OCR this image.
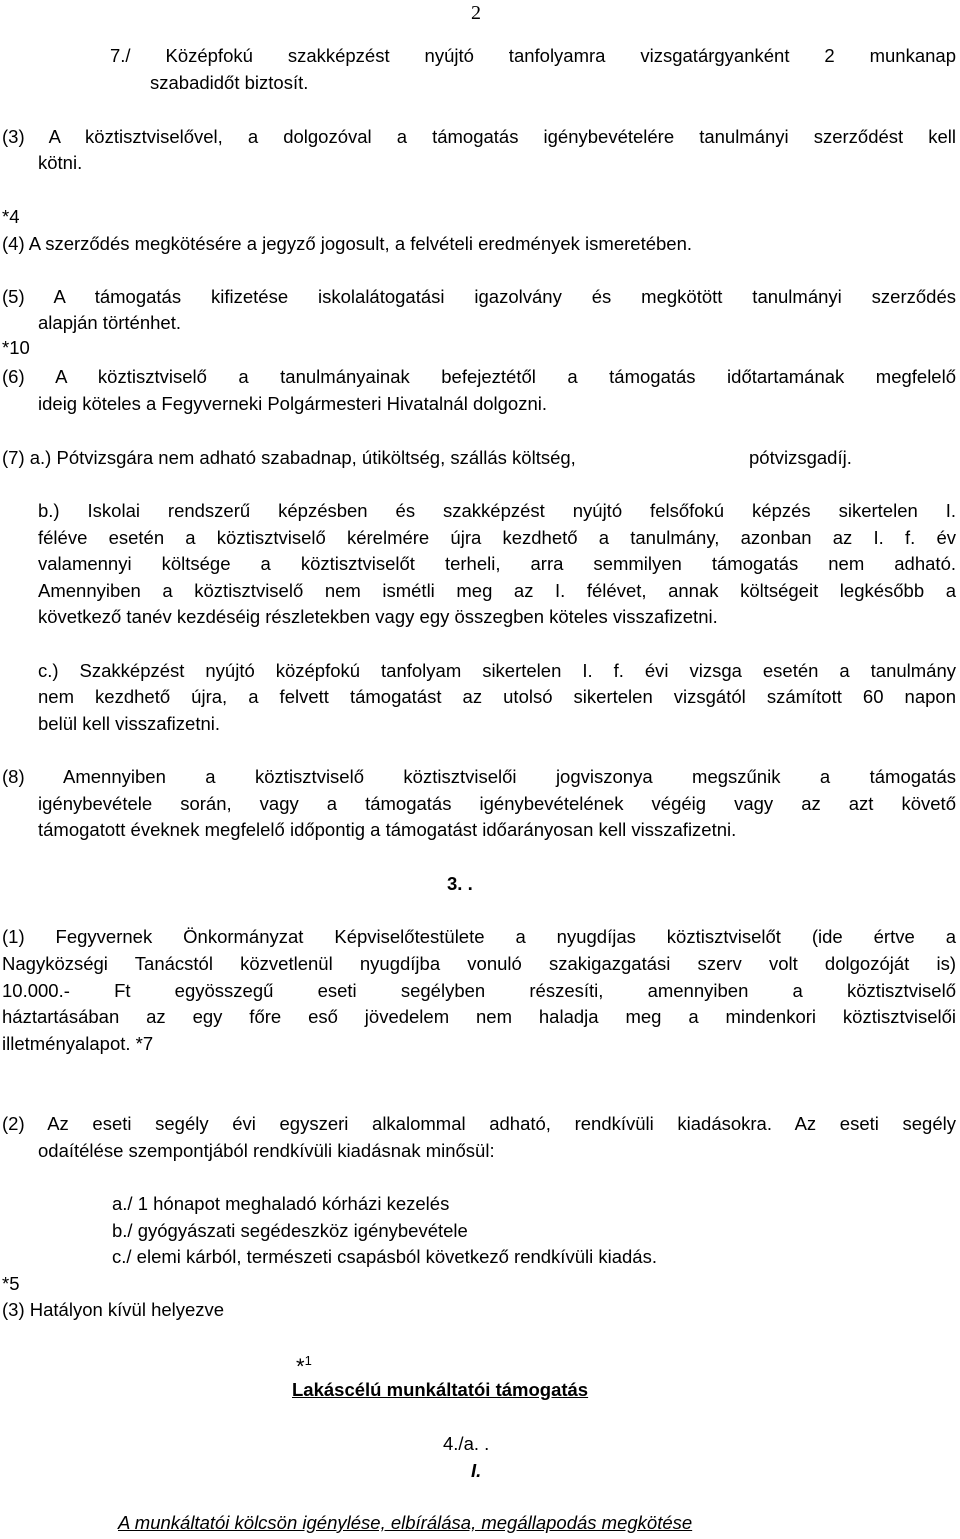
2
7./ Középfokú szakképzést nyújtó tanfolyamra vizsgatárgyanként 2 munkanap
szabadidőt biztosít.
(3) A köztisztviselővel, a dolgozóval a támogatás igénybevételére tanulmányi szerződést kell
kötni.
*4
(4) A szerződés megkötésére a jegyző jogosult, a felvételi eredmények ismeretében.
(5) A támogatás kifizetése iskolalátogatási igazolvány és megkötött tanulmányi szerződés
alapján történhet.
*10
(6) A köztisztviselő a tanulmányainak befejeztétől a támogatás időtartamának megfelelő
ideig köteles a Fegyverneki Polgármesteri Hivatalnál dolgozni.
(7) a.) Pótvizsgára nem adható szabadnap, útiköltség, szállás költség,	pótvizsgadíj.
b.) Iskolai rendszerű képzésben és szakképzést nyújtó felsőfokú képzés sikertelen I.
féléve esetén a köztisztviselő kérelmére újra kezdhető a tanulmány, azonban az I. f. év
valamennyi költsége a köztisztviselőt terheli, arra semmilyen támogatás nem adható.
Amennyiben a köztisztviselő nem ismétli meg az I. félévet, annak költségeit legkésőbb a
következő tanév kezdéséig részletekben vagy egy összegben köteles visszafizetni.
c.) Szakképzést nyújtó középfokú tanfolyam sikertelen I. f. évi vizsga esetén a tanulmány
nem kezdhető újra, a felvett támogatást az utolsó sikertelen vizsgától számított 60 napon
belül kell visszafizetni.
(8) Amennyiben a köztisztviselő köztisztviselői jogviszonya megszűnik a támogatás
igénybevétele során, vagy a támogatás igénybevételének végéig vagy az azt követő
támogatott éveknek megfelelő időpontig a támogatást időarányosan kell visszafizetni.
3. .
(1) Fegyvernek Önkormányzat Képviselőtestülete a nyugdíjas köztisztviselőt (ide értve a
Nagyközségi Tanácstól közvetlenül nyugdíjba vonuló szakigazgatási szerv volt dolgozóját is)
10.000.- Ft egyösszegű eseti segélyben részesíti, amennyiben a köztisztviselő
háztartásában az egy főre eső jövedelem nem haladja meg a mindenkori köztisztviselői
illetményalapot. *7
(2) Az eseti segély évi egyszeri alkalommal adható, rendkívüli kiadásokra. Az eseti segély
odaítélése szempontjából rendkívüli kiadásnak minősül:
a./ 1 hónapot meghaladó kórházi kezelés
b./ gyógyászati segédeszköz igénybevétele
c./ elemi kárból, természeti csapásból következő rendkívüli kiadás.
*5
(3) Hatályon kívül helyezve
*$^1$
Lakáscélú munkáltatói támogatás
4./a. .
I.
A munkáltatói kölcsön igénylése, elbírálása, megállapodás megkötése
